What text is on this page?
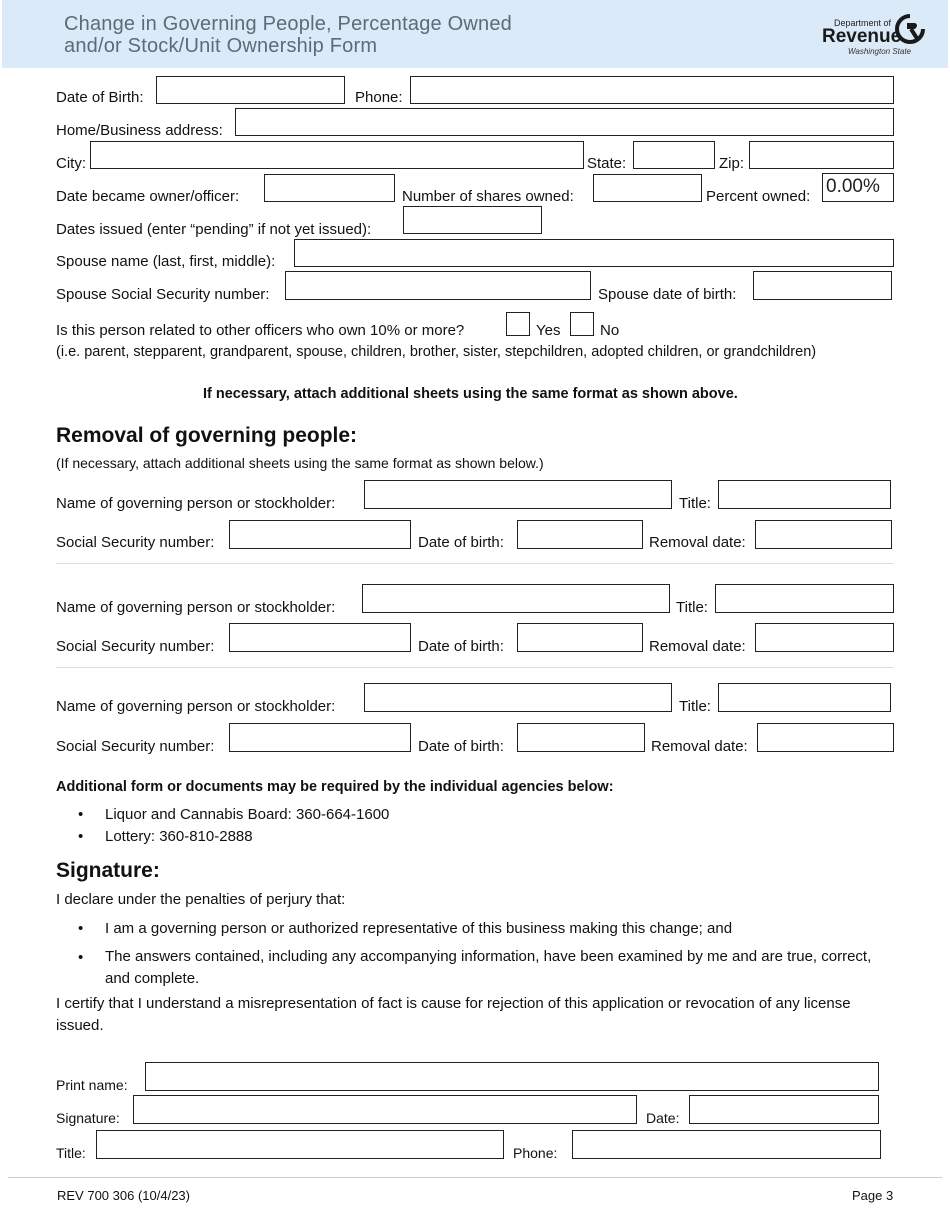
Change in Governing People, Percentage Owned
and/or Stock/Unit Ownership Form
Department of
Revenue
Washington State
Date of Birth:	Phone:
Home/Business address:
City:	State:	Zip:
Date became owner/officer:	Number of shares owned:	Percent owned: 0.00%
Dates issued (enter “pending” if not yet issued):
Spouse name (last, first, middle):
Spouse Social Security number:	Spouse date of birth:
Is this person related to other officers who own 10% or more?	Yes	No
(i.e. parent, stepparent, grandparent, spouse, children, brother, sister, stepchildren, adopted children, or grandchildren)
If necessary, attach additional sheets using the same format as shown above.
Removal of governing people:
(If necessary, attach additional sheets using the same format as shown below.)
Name of governing person or stockholder:	Title:
Social Security number:	Date of birth:	Removal date:
Name of governing person or stockholder:	Title:
Social Security number:	Date of birth:	Removal date:
Name of governing person or stockholder:	Title:
Social Security number:	Date of birth:	Removal date:
Additional form or documents may be required by the individual agencies below:
• Liquor and Cannabis Board: 360-664-1600
• Lottery: 360-810-2888
Signature:
I declare under the penalties of perjury that:
• I am a governing person or authorized representative of this business making this change; and
• The answers contained, including any accompanying information, have been examined by me and are true, correct, and complete.
I certify that I understand a misrepresentation of fact is cause for rejection of this application or revocation of any license issued.
Print name:
Signature:	Date:
Title:	Phone:
REV 700 306 (10/4/23)	Page 3
